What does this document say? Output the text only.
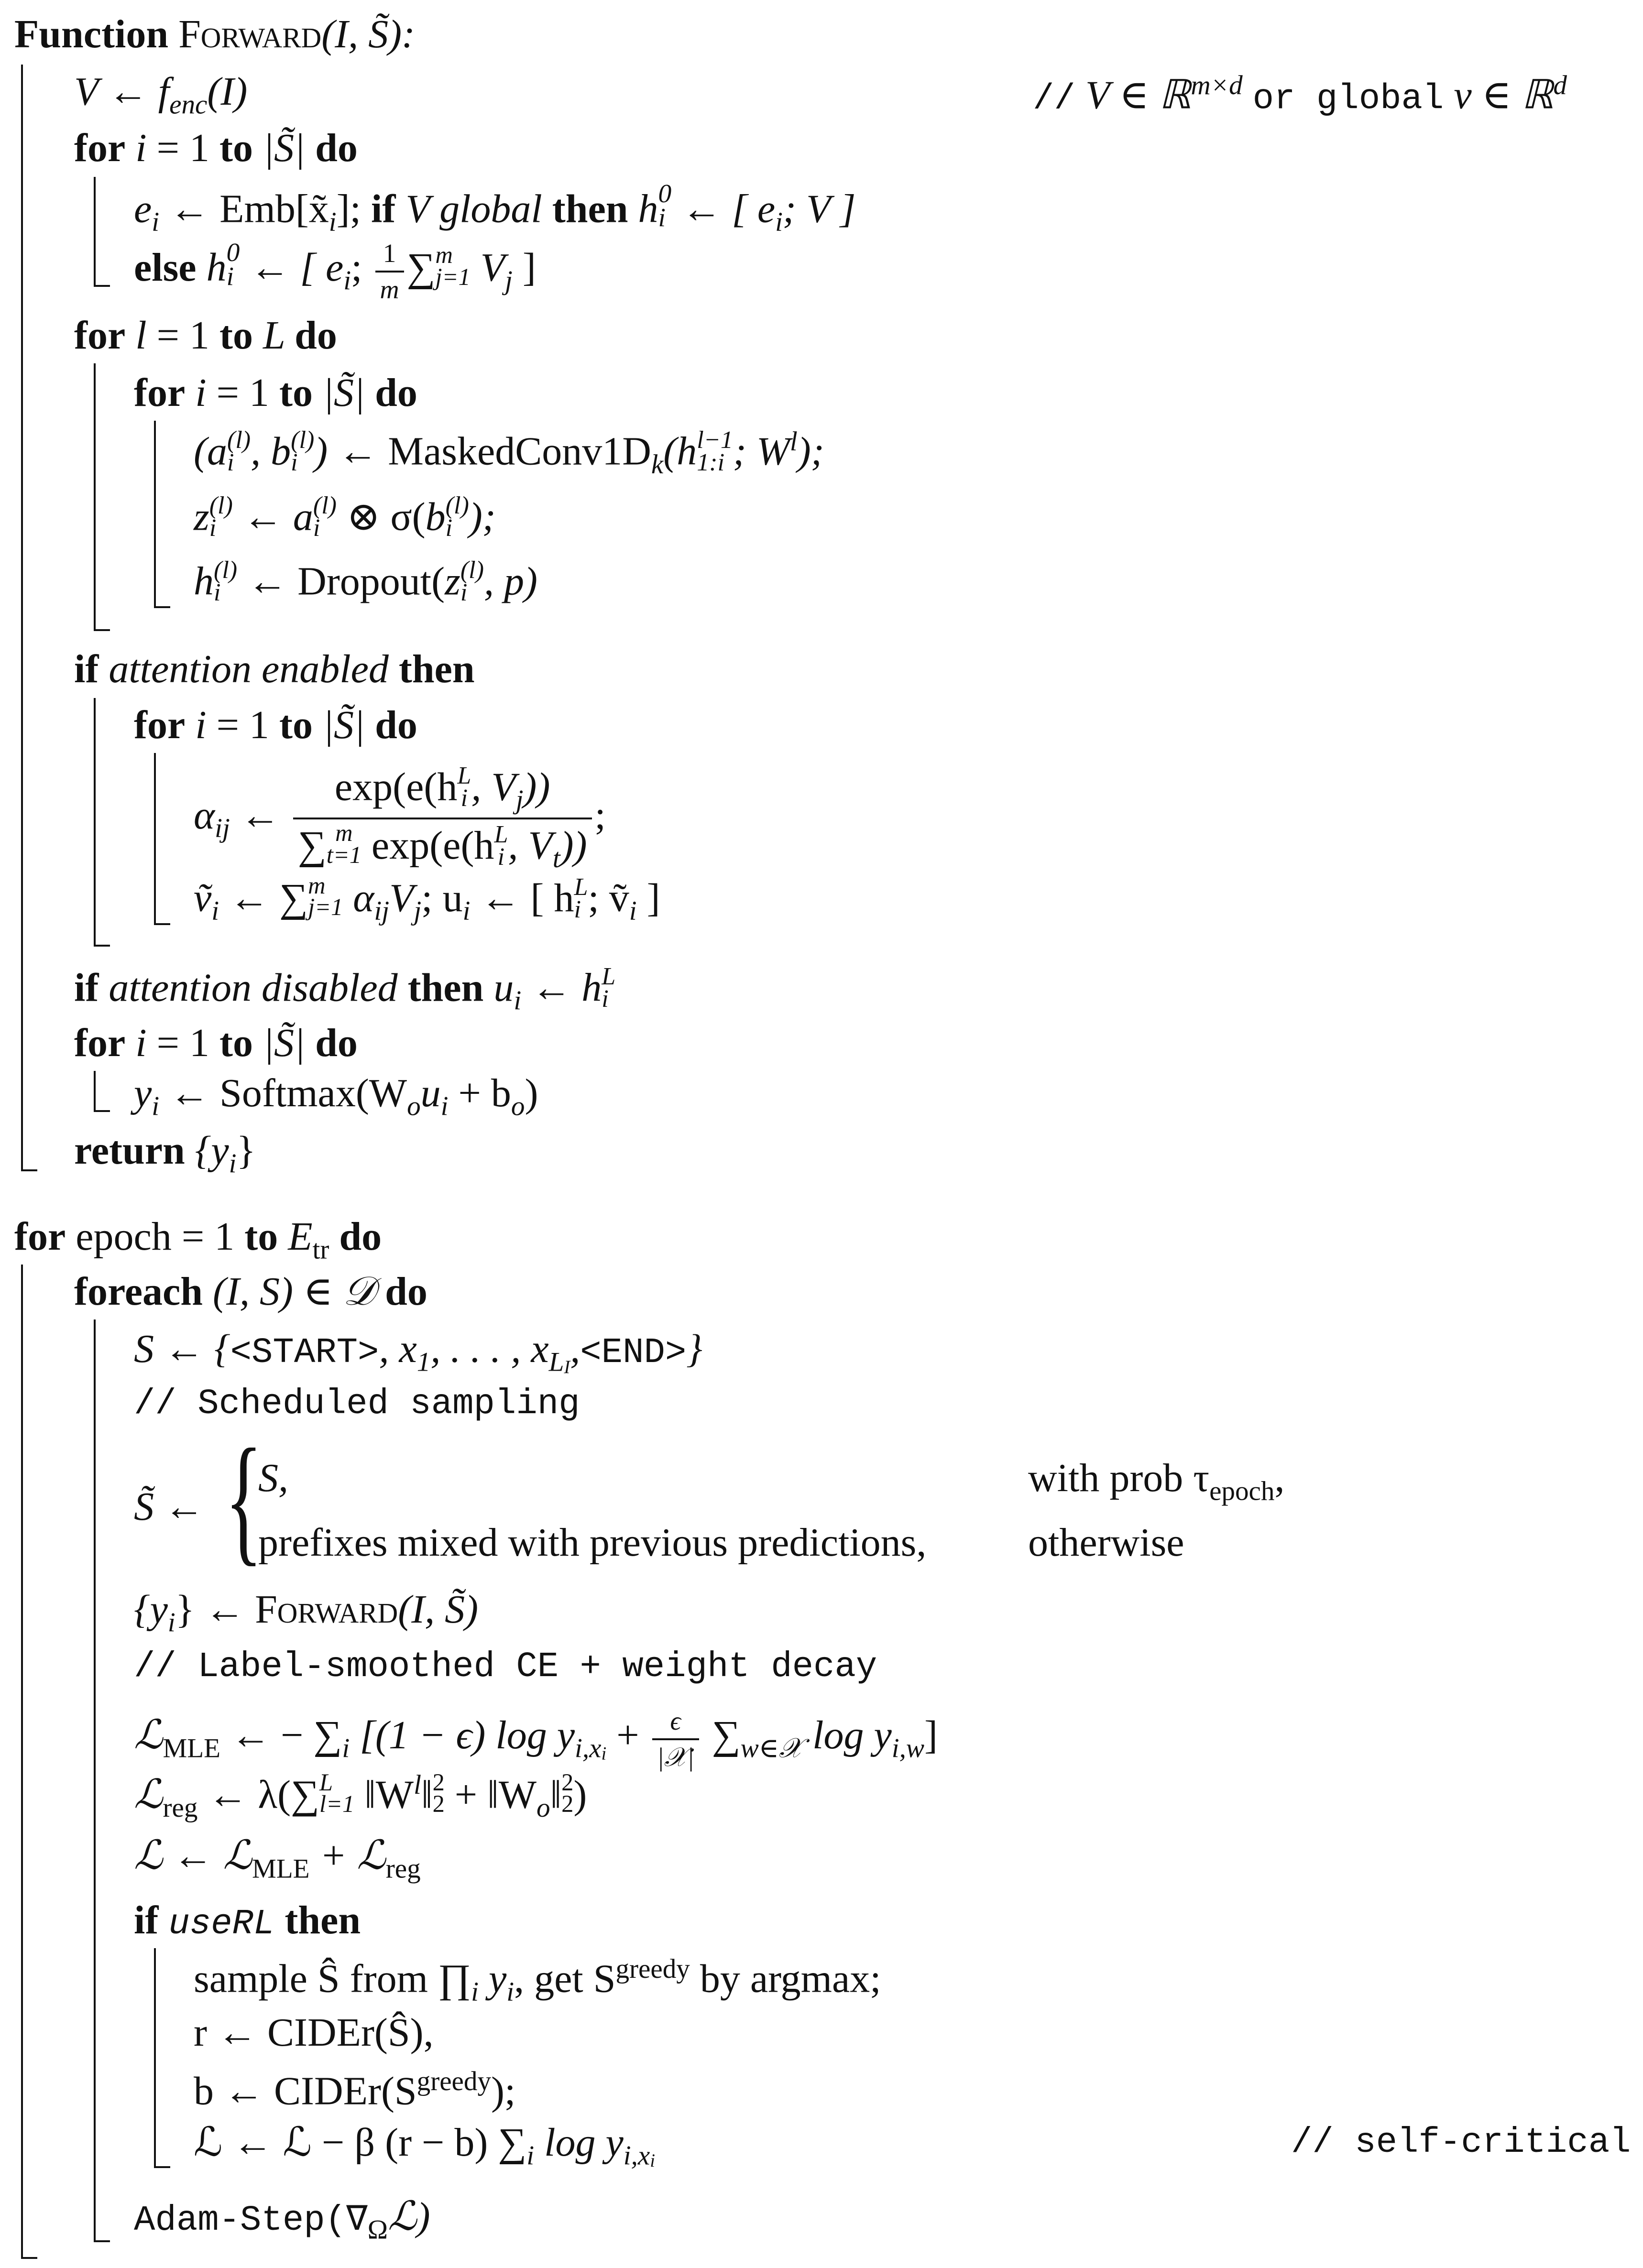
Function Forward(I, S̃):
V ← $f_{enc}(I)$	// V ∈ ℝ$^{m\times d}$ or global v ∈ ℝ$^d$
for i = 1 to |S̃| do
$e_i$ ← $Emb[x̃_i]$; if V global then h 0
i ← [ $e_i$; V ]
else h 0
i ← [ $e_i$; $\frac{1}{m}$ ∑ m
j=1 $V_j$ ]
for l = 1 to L do
for i = 1 to |S̃| do
(a (l)
i , b (l)
i ) ← $MaskedConv1D_k(h$ l−1
1:i ; $W^l$);
z (l)
i ← a (l)
i ⊗ σ(b (l)
i );
h (l)
i ← Dropout(z (l)
i , p)
if attention enabled then
for i = 1 to |S̃| do
$\alpha_{ij}$ ← exp(e(h L
i , $V_j$))
∑ m
t=1 exp(e(h L
i , $V_t$)) ;
ṽ$_i$ ← ∑ m
j=1 $\alpha_{ij}V_j$; $u_i$ ← [ h L
i ; ṽ$_i$ ]
if attention disabled then $u_i$ ← h L
i
for i = 1 to |S̃| do
$y_i$ ← $Softmax(W_ou_i + b_o)$
return $\{y_i\}$
for epoch = 1 to $E_{tr}$ do
foreach (I, S) ∈ 𝒟 do
S ← {<START>, $x_1$, . . . , $x_{LI},<END>$}
// Scheduled sampling
S̃ ← {
S,	with prob $\tau_{epoch}$,
prefixes mixed with previous predictions,	otherwise
$\{y_i\}$ ← Forward(I, S̃)
// Label-smoothed CE + weight decay
ℒ$_{MLE}$ ← − $\sum_i$ [(1 − ϵ) $\log y_{i,xi} + \frac{\epsilon}{\text{|𝒳|}} \sum_{w\in 𝒳}$ $\log y_{i,w}$]
ℒ$_{reg}$ ← λ(∑ L
l=1 $‖W^l‖$ 2
$2 + ‖W_o‖$ 2
2 )
ℒ ← ℒ$_{MLE}$ + ℒ$_{reg}$
if useRL then
sample Ŝ from $\prod_i$ $y_i$, get $S^{greedy}$ by argmax;
r ← CIDEr(Ŝ),
b ← $CIDEr(S^{greedy})$;
ℒ ← ℒ − β (r − b) $\sum_i$ $\log y_{i,xi}$	// self-critical
Adam-$Step(\nabla_\Omega ℒ)$
